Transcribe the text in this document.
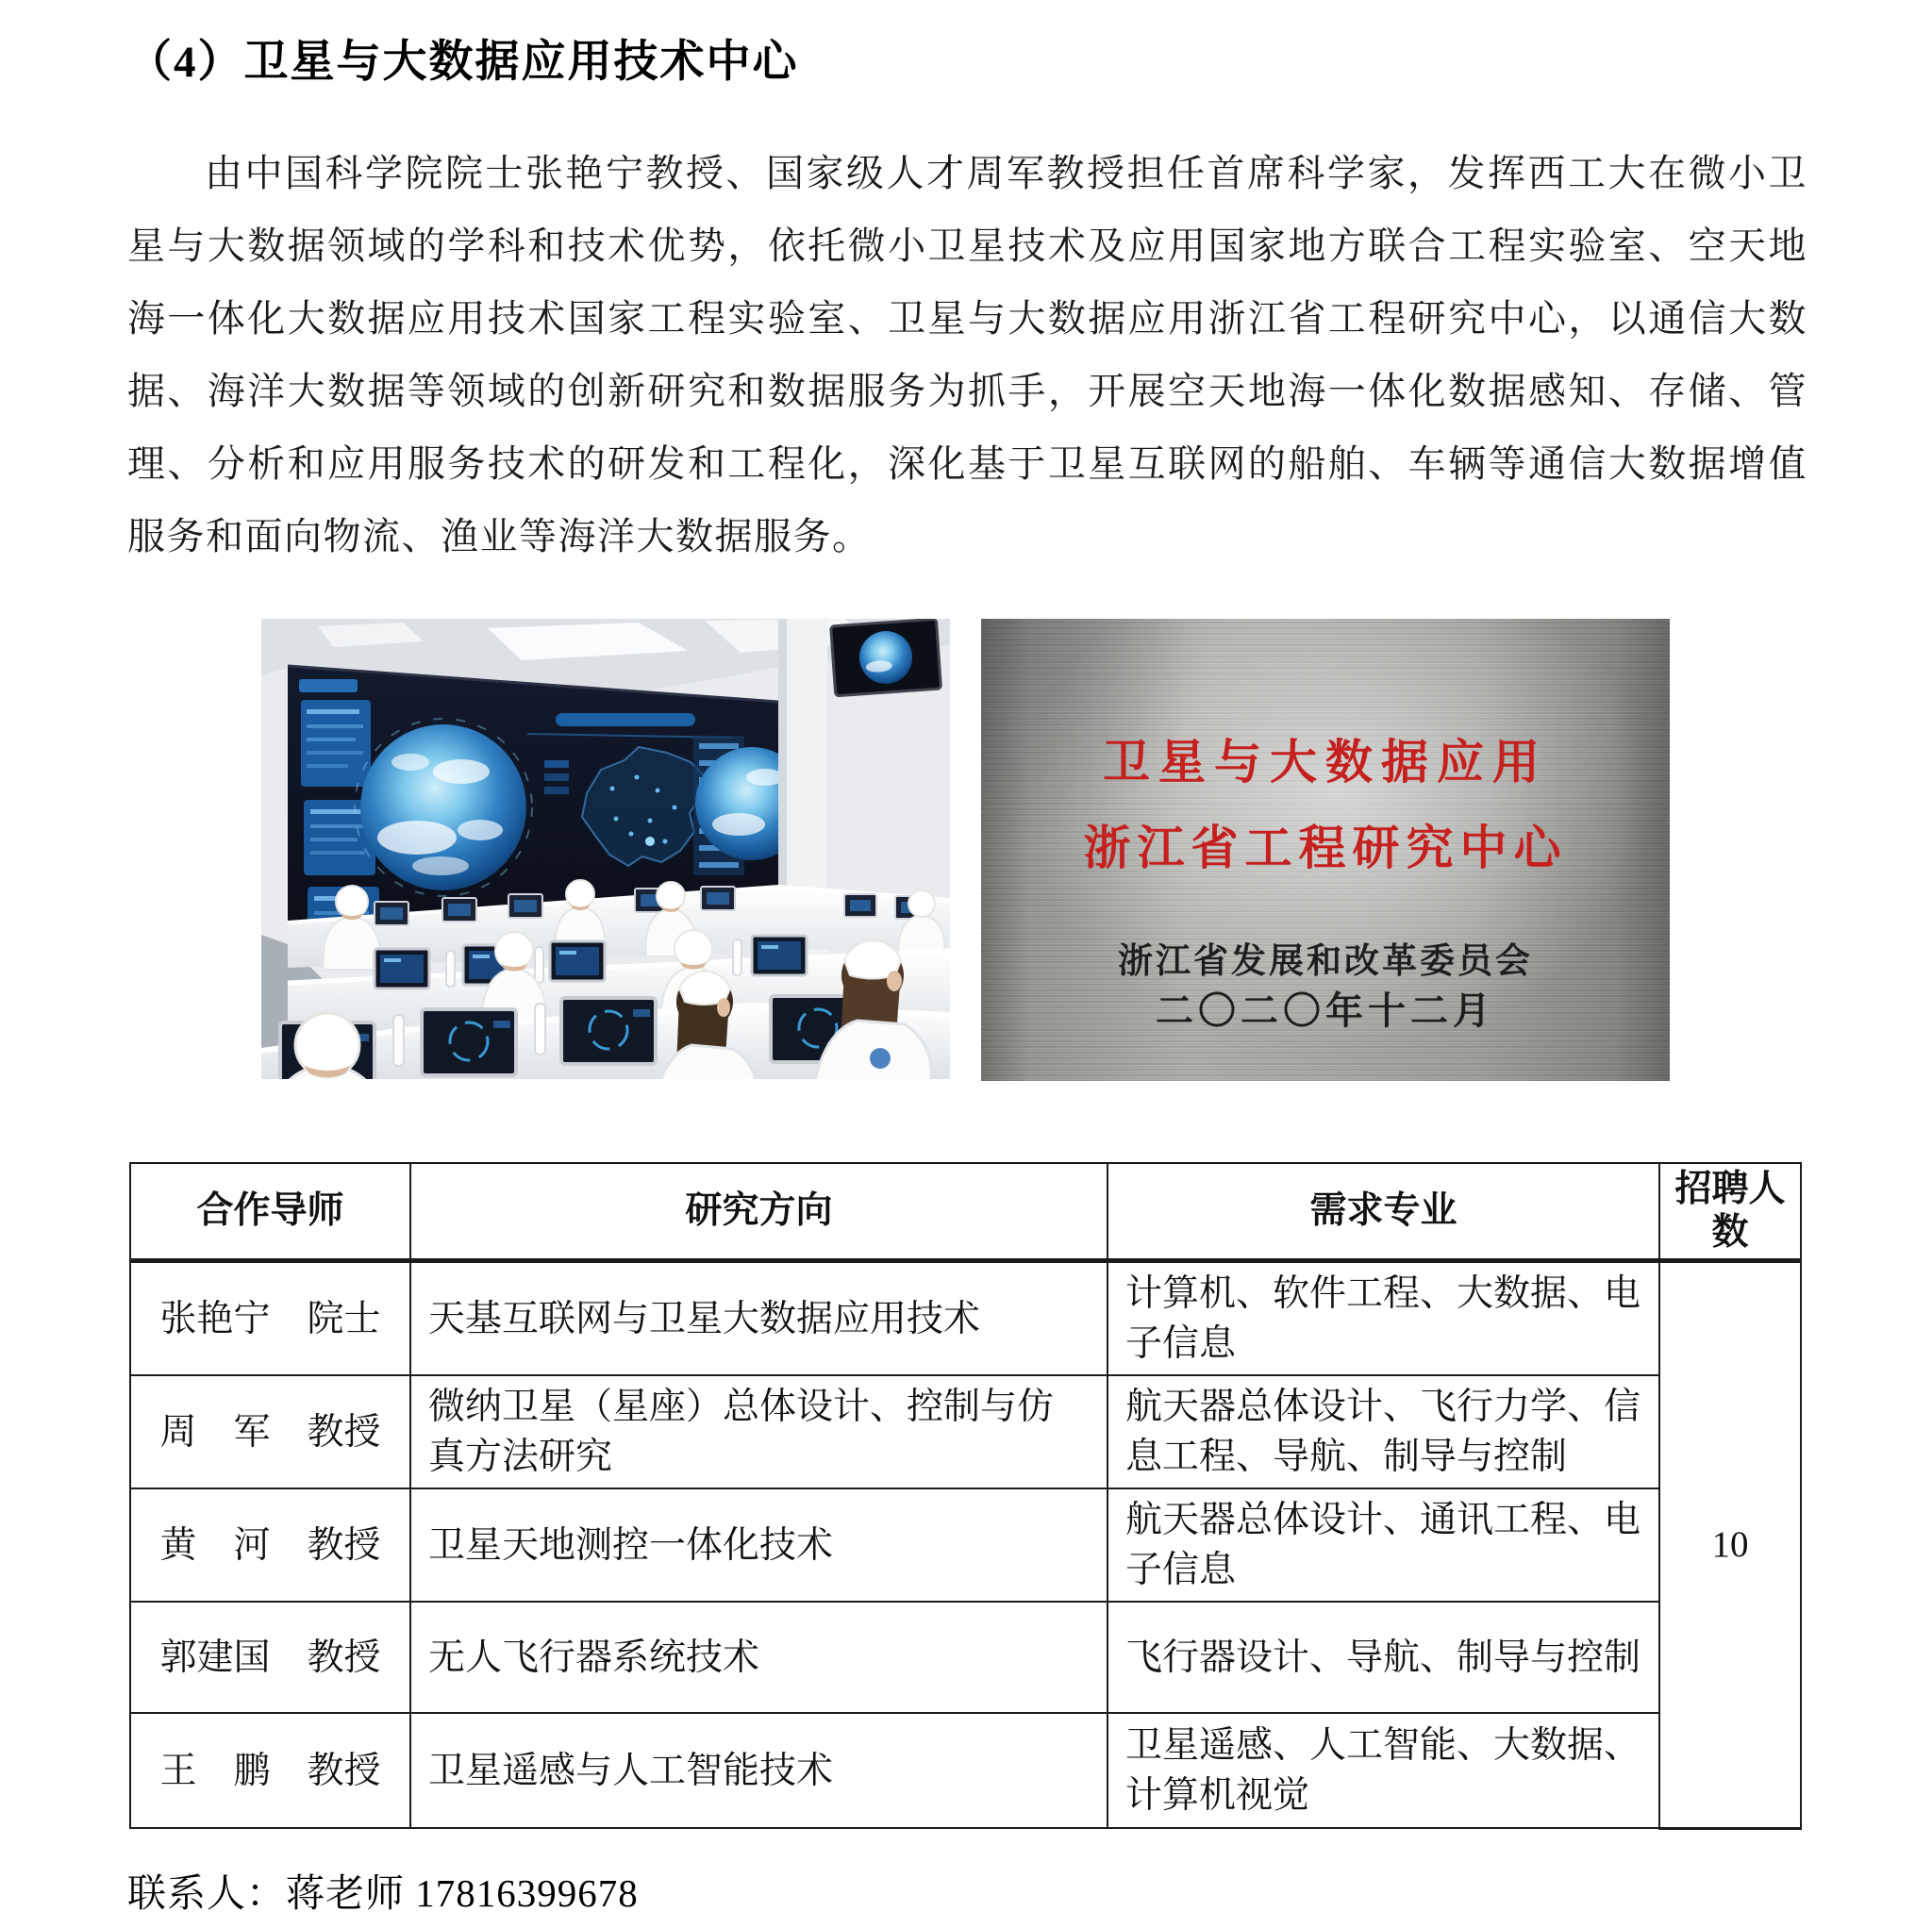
（4）卫星与大数据应用技术中心
由中国科学院院士张艳宁教授、国家级人才周军教授担任首席科学家，发挥西工大在微小卫星与大数据领域的学科和技术优势，依托微小卫星技术及应用国家地方联合工程实验室、空天地海一体化大数据应用技术国家工程实验室、卫星与大数据应用浙江省工程研究中心，以通信大数据、海洋大数据等领域的创新研究和数据服务为抓手，开展空天地海一体化数据感知、存储、管理、分析和应用服务技术的研发和工程化，深化基于卫星互联网的船舶、车辆等通信大数据增值服务和面向物流、渔业等海洋大数据服务。
卫星与大数据应用
浙江省工程研究中心
浙江省发展和改革委员会
二〇二〇年十二月
合作导师	研究方向	需求专业	招聘人数
张艳宁　院士	天基互联网与卫星大数据应用技术	计算机、软件工程、大数据、电子信息	10
周　军　教授	微纳卫星（星座）总体设计、控制与仿真方法研究	航天器总体设计、飞行力学、信息工程、导航、制导与控制	
黄　河　教授	卫星天地测控一体化技术	航天器总体设计、通讯工程、电子信息	
郭建国　教授	无人飞行器系统技术	飞行器设计、导航、制导与控制	
王　鹏　教授	卫星遥感与人工智能技术	卫星遥感、人工智能、大数据、计算机视觉	
联系人：蒋老师 17816399678
